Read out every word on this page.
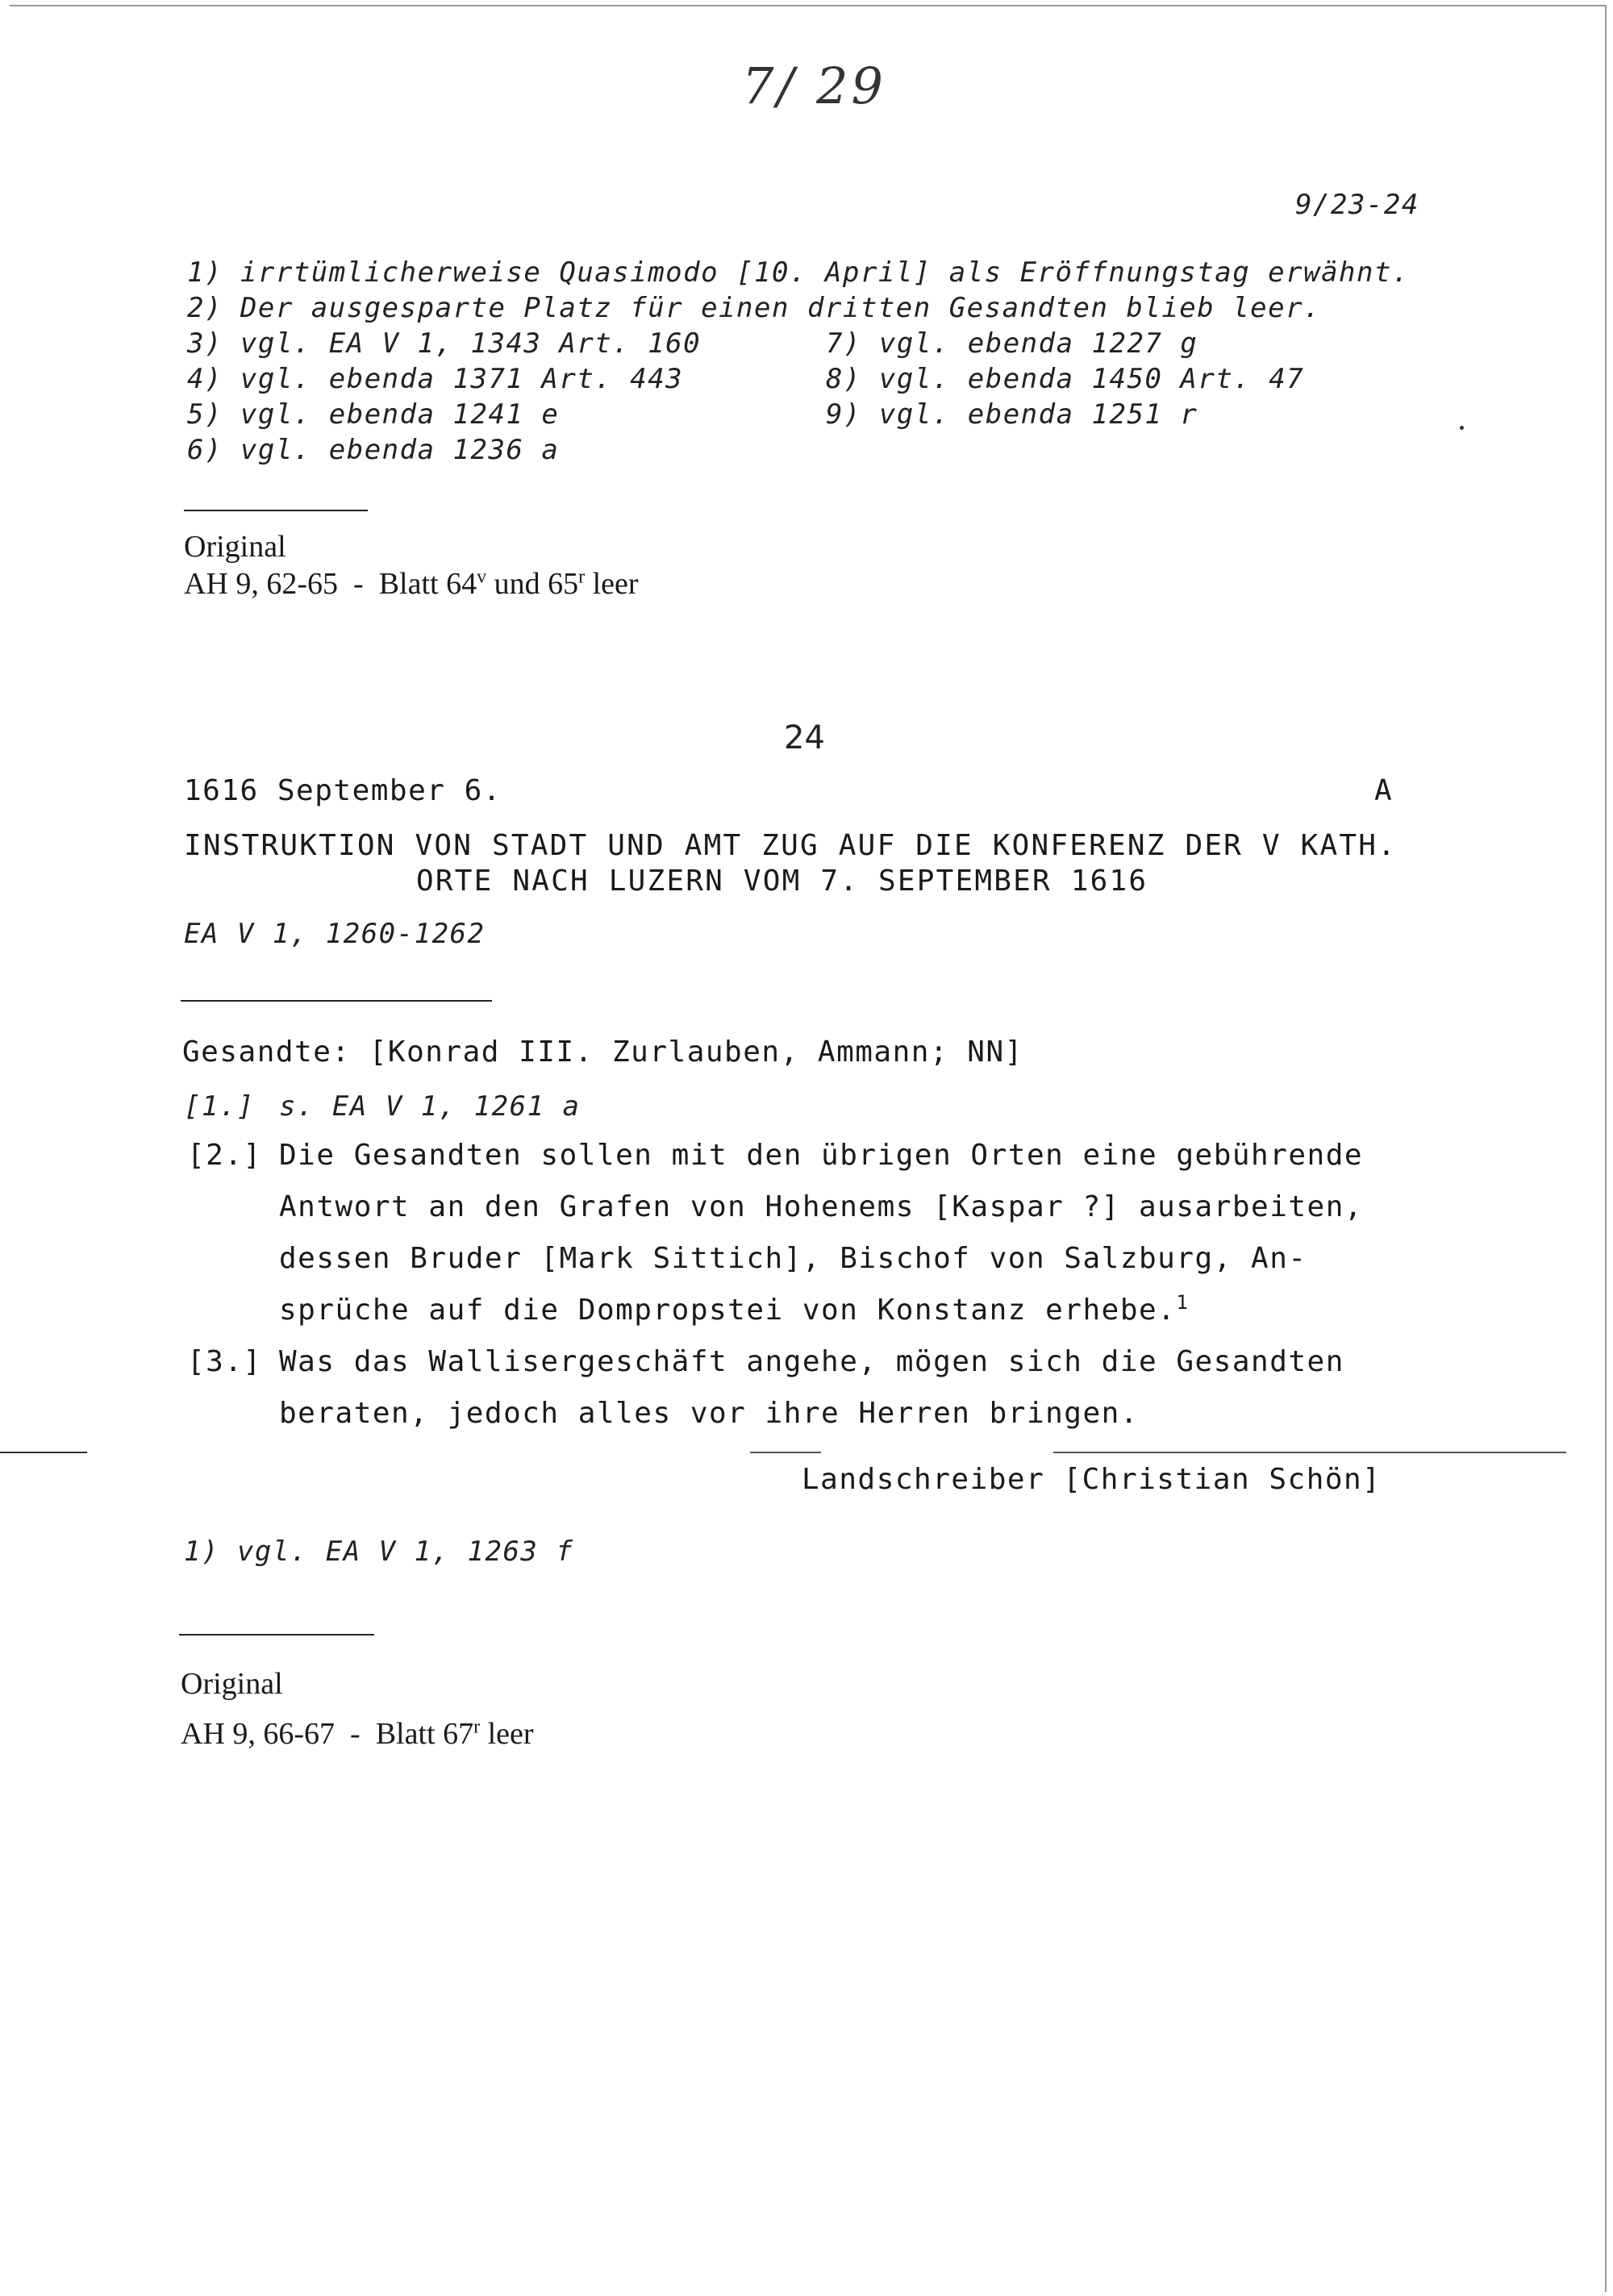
7/ 29
9/23-24
1) irrtümlicherweise Quasimodo [10. April] als Eröffnungstag erwähnt.
2) Der ausgesparte Platz für einen dritten Gesandten blieb leer.
3) vgl. EA V 1, 1343 Art. 160
4) vgl. ebenda 1371 Art. 443
5) vgl. ebenda 1241 e
6) vgl. ebenda 1236 a
7) vgl. ebenda 1227 g
8) vgl. ebenda 1450 Art. 47
9) vgl. ebenda 1251 r
Original
AH 9, 62-65  -  Blatt 64$^v$ und 65$^r$ leer
24
1616 September 6.	A
INSTRUKTION VON STADT UND AMT ZUG AUF DIE KONFERENZ DER V KATH.
ORTE NACH LUZERN VOM 7. SEPTEMBER 1616
EA V 1, 1260-1262
Gesandte: [Konrad III. Zurlauben, Ammann; NN]
[1.] s. EA V 1, 1261 a
[2.] Die Gesandten sollen mit den übrigen Orten eine gebührende
Antwort an den Grafen von Hohenems [Kaspar ?] ausarbeiten,
dessen Bruder [Mark Sittich], Bischof von Salzburg, An-
sprüche auf die Dompropstei von Konstanz erhebe.$^1$
[3.] Was das Wallisergeschäft angehe, mögen sich die Gesandten
beraten, jedoch alles vor ihre Herren bringen.
Landschreiber [Christian Schön]
1) vgl. EA V 1, 1263 f
Original
AH 9, 66-67  -  Blatt 67$^r$ leer
